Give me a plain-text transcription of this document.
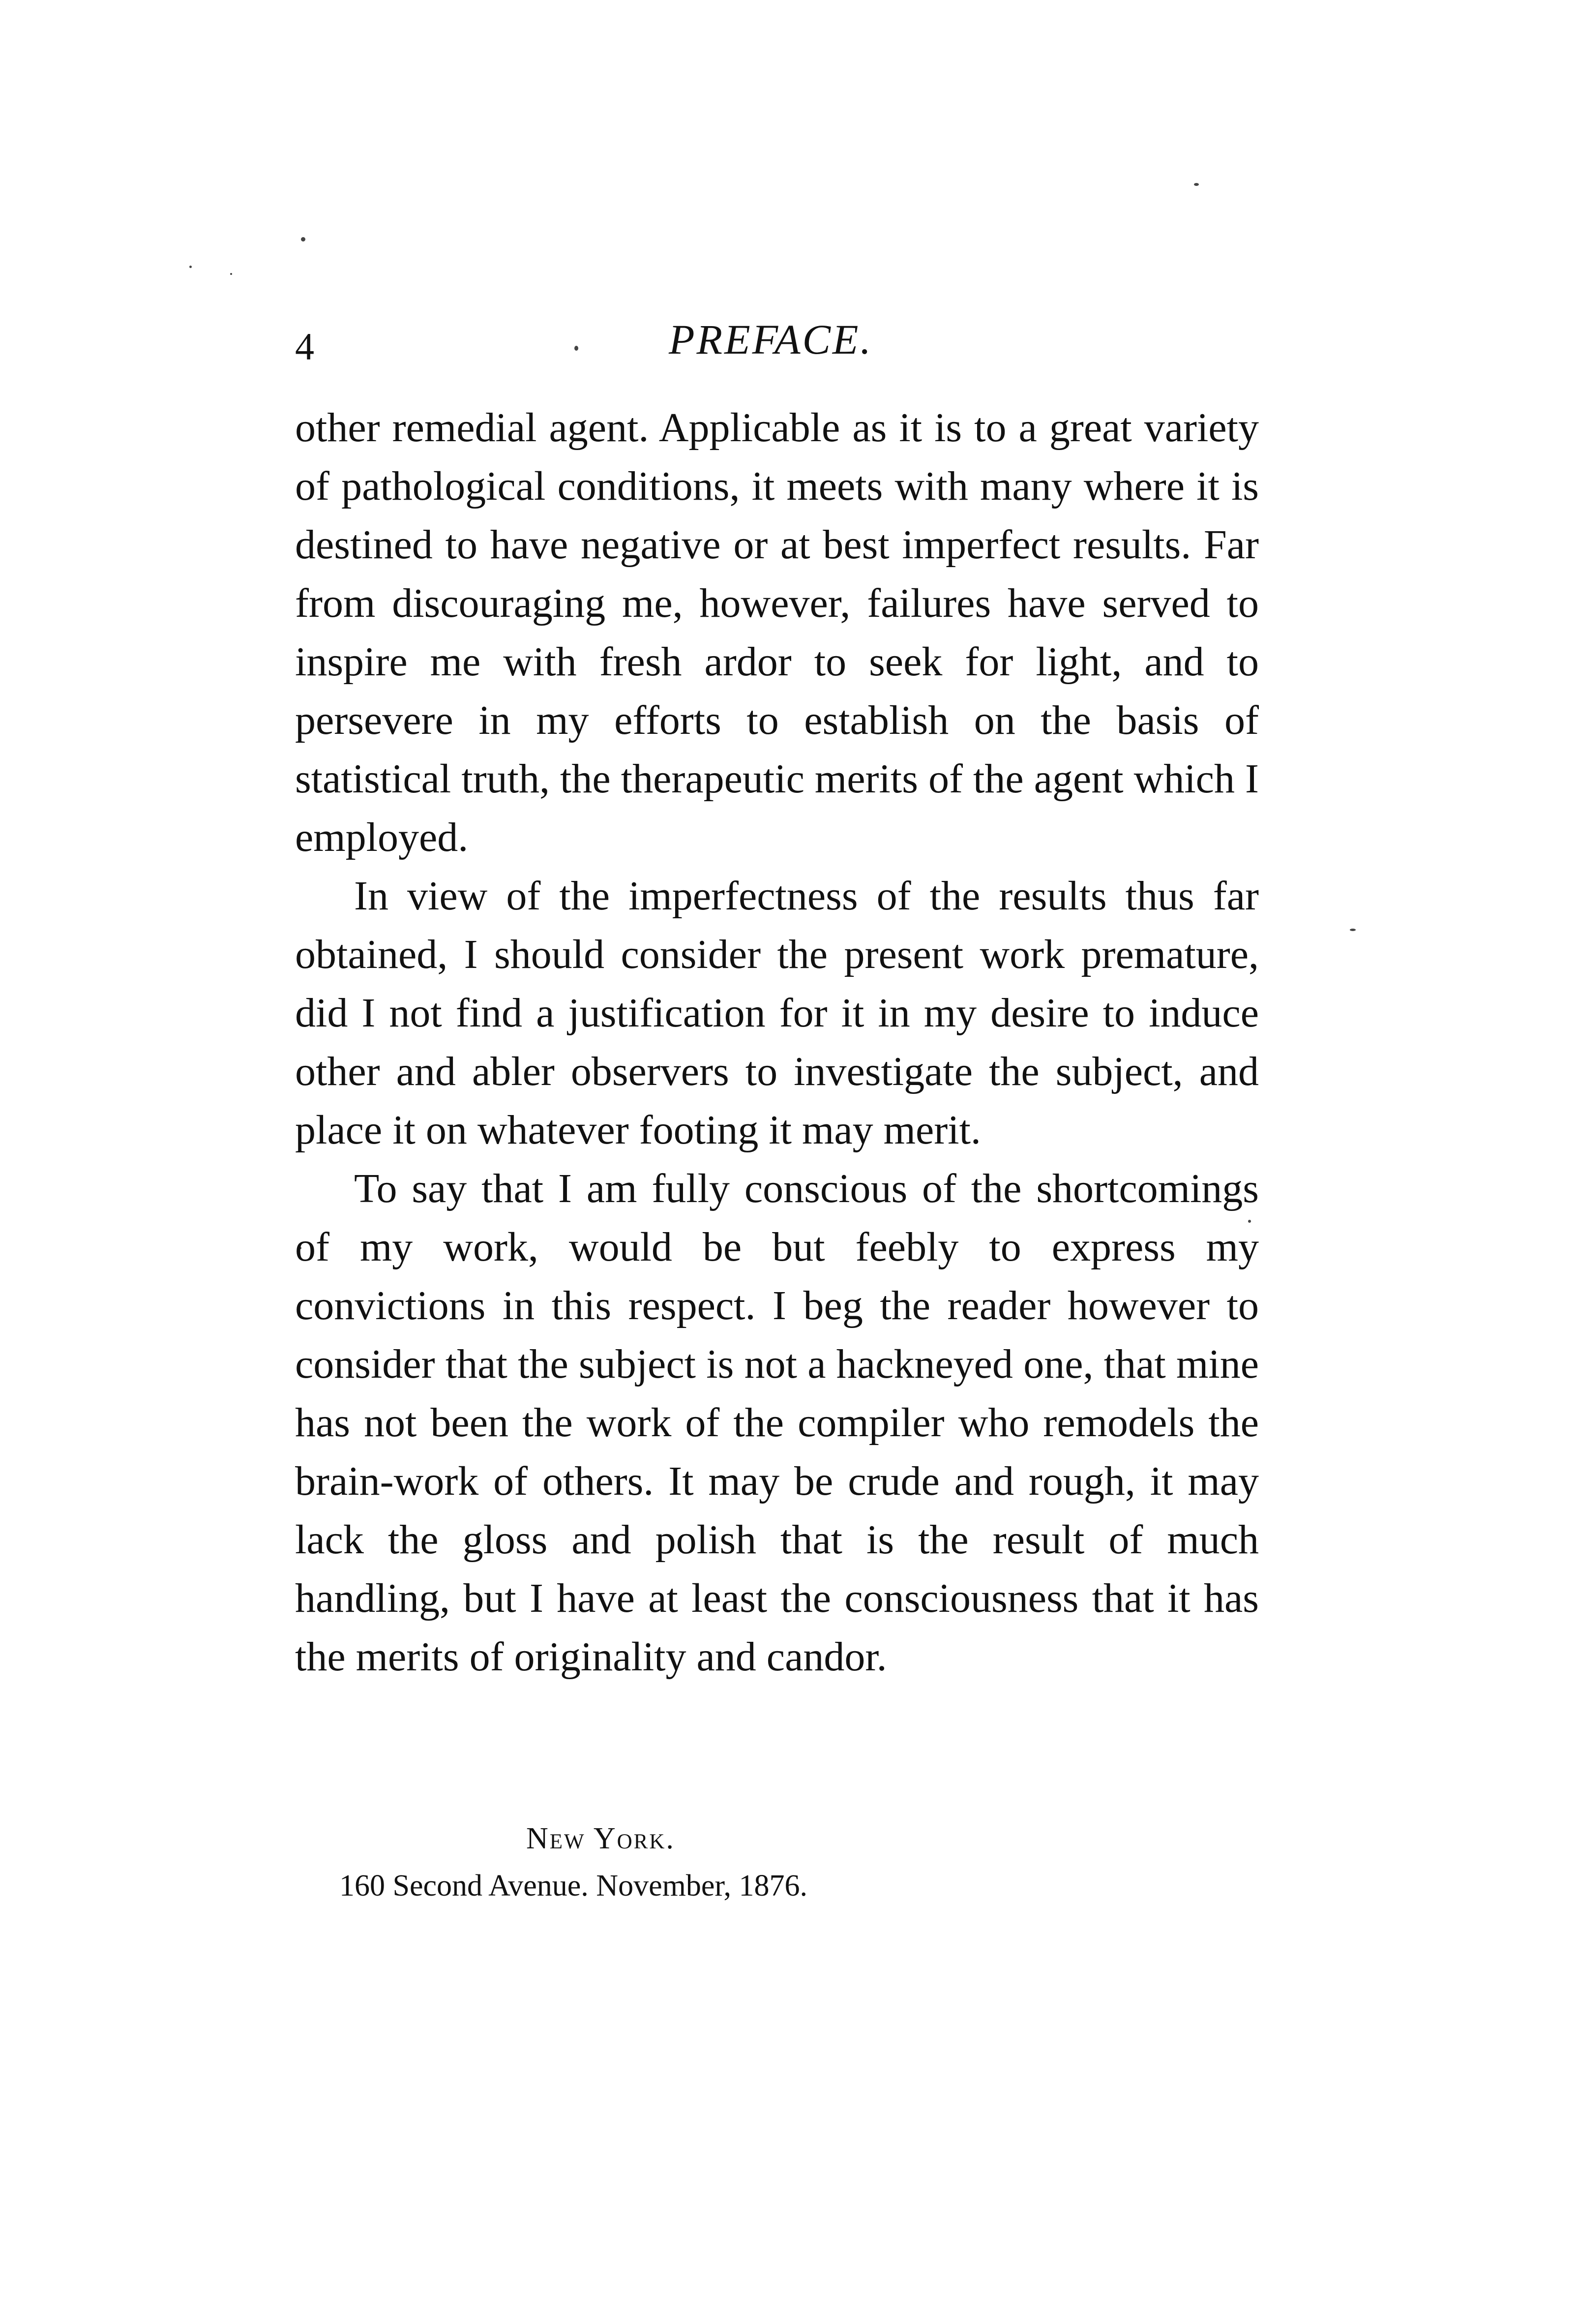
4	PREFACE.

other remedial agent. Applicable as it is to a great variety of pathological conditions, it meets with many where it is destined to have negative or at best imperfect results. Far from discouraging me, however, failures have served to inspire me with fresh ardor to seek for light, and to persevere in my efforts to establish on the basis of statistical truth, the therapeutic merits of the agent which I employed.

In view of the imperfectness of the results thus far obtained, I should consider the present work premature, did I not find a justification for it in my desire to induce other and abler observers to investigate the subject, and place it on whatever footing it may merit.

To say that I am fully conscious of the shortcomings of my work, would be but feebly to express my convictions in this respect. I beg the reader however to consider that the subject is not a hackneyed one, that mine has not been the work of the compiler who remodels the brain-work of others. It may be crude and rough, it may lack the gloss and polish that is the result of much handling, but I have at least the consciousness that it has the merits of originality and candor.

New York.
160 Second Avenue. November, 1876.
